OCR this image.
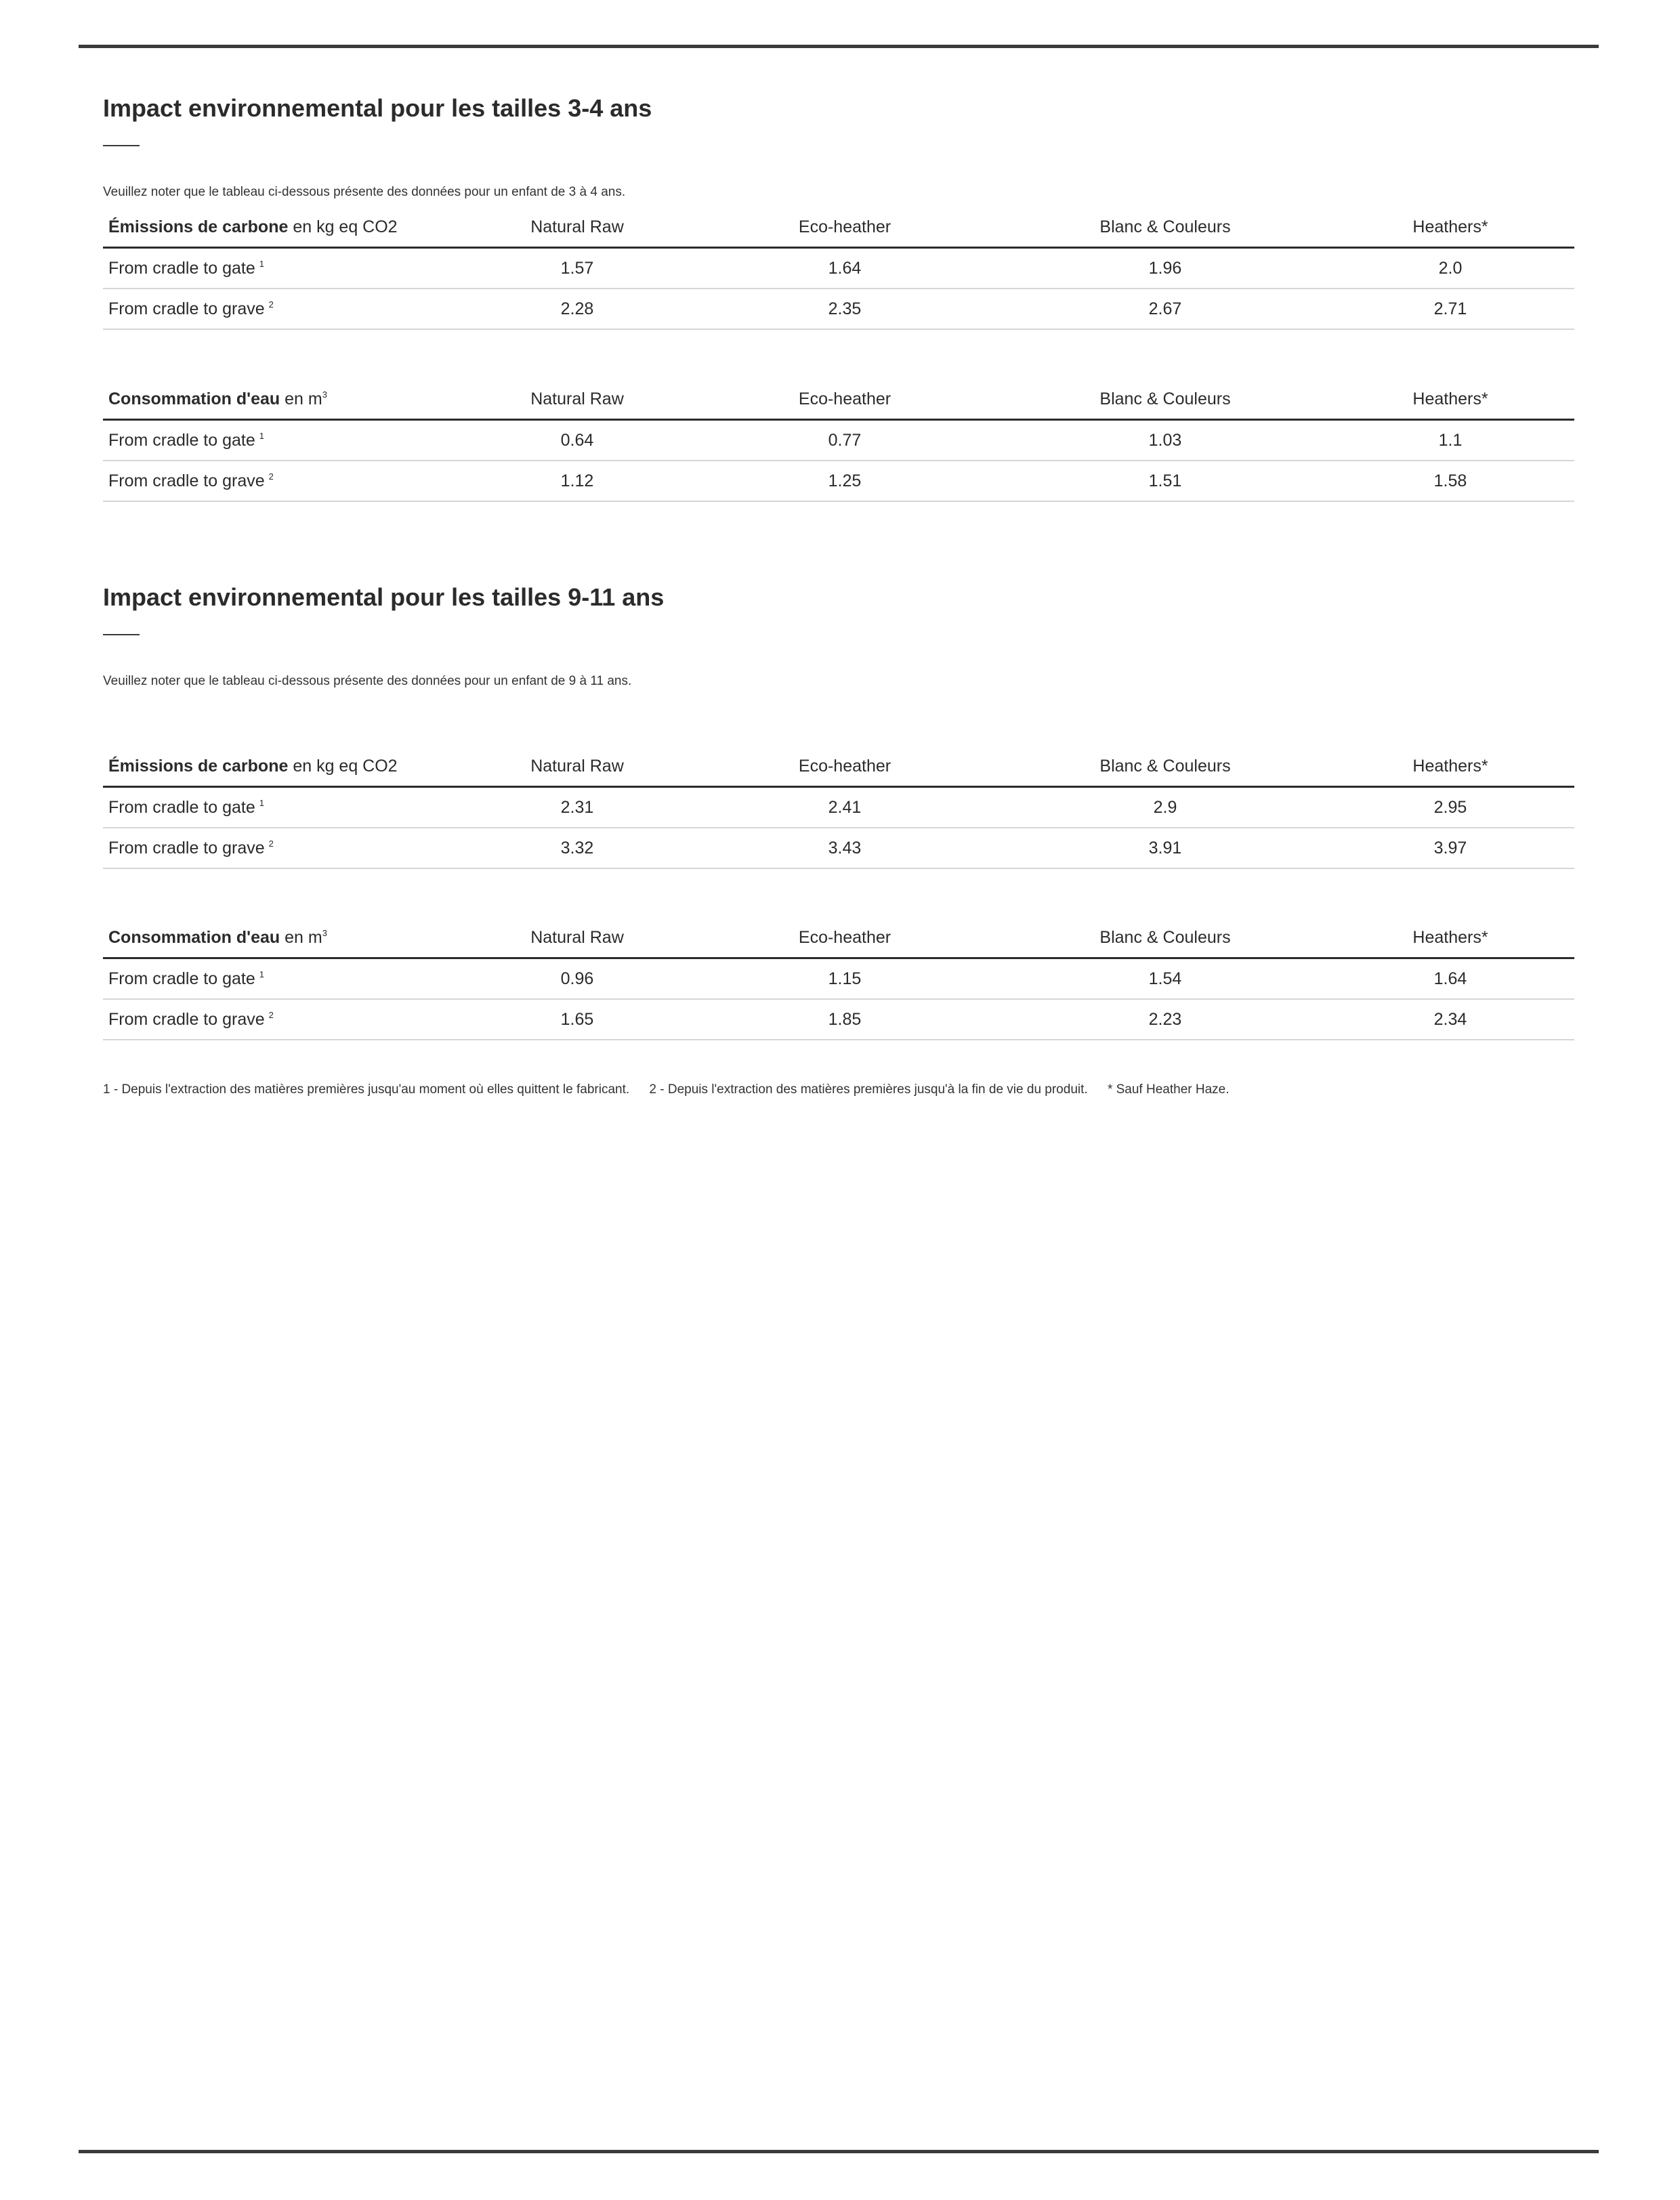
Impact environnemental pour les tailles 3-4 ans
Veuillez noter que le tableau ci-dessous présente des données pour un enfant de 3 à 4 ans.
Émissions de carbone en kg eq CO2	Natural Raw	Eco-heather	Blanc & Couleurs	Heathers*
From cradle to gate $^1$	1.57	1.64	1.96	2.0
From cradle to grave $^2$	2.28	2.35	2.67	2.71
Consommation d'eau en $m^3$	Natural Raw	Eco-heather	Blanc & Couleurs	Heathers*
From cradle to gate $^1$	0.64	0.77	1.03	1.1
From cradle to grave $^2$	1.12	1.25	1.51	1.58
Impact environnemental pour les tailles 9-11 ans
Veuillez noter que le tableau ci-dessous présente des données pour un enfant de 9 à 11 ans.
Émissions de carbone en kg eq CO2	Natural Raw	Eco-heather	Blanc & Couleurs	Heathers*
From cradle to gate $^1$	2.31	2.41	2.9	2.95
From cradle to grave $^2$	3.32	3.43	3.91	3.97
Consommation d'eau en $m^3$	Natural Raw	Eco-heather	Blanc & Couleurs	Heathers*
From cradle to gate $^1$	0.96	1.15	1.54	1.64
From cradle to grave $^2$	1.65	1.85	2.23	2.34
1 - Depuis l'extraction des matières premières jusqu'au moment où elles quittent le fabricant. 2 - Depuis l'extraction des matières premières jusqu'à la fin de vie du produit. * Sauf Heather Haze.
